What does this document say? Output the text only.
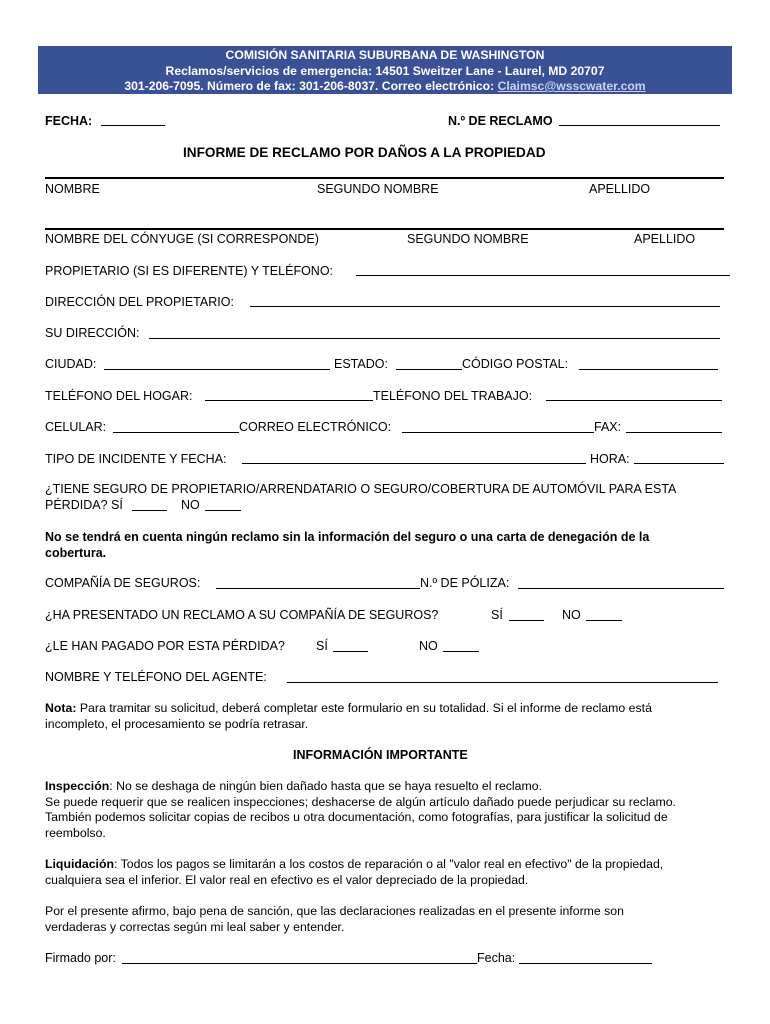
COMISIÓN SANITARIA SUBURBANA DE WASHINGTON
Reclamos/servicios de emergencia: 14501 Sweitzer Lane - Laurel, MD 20707
301-206-7095. Número de fax: 301-206-8037. Correo electrónico: Claimsc@wsscwater.com
FECHA:	N.º DE RECLAMO
INFORME DE RECLAMO POR DAÑOS A LA PROPIEDAD
NOMBRE	SEGUNDO NOMBRE	APELLIDO
NOMBRE DEL CÓNYUGE (SI CORRESPONDE)	SEGUNDO NOMBRE	APELLIDO
PROPIETARIO (SI ES DIFERENTE) Y TELÉFONO:
DIRECCIÓN DEL PROPIETARIO:
SU DIRECCIÓN:
CIUDAD:	ESTADO:	CÓDIGO POSTAL:
TELÉFONO DEL HOGAR:	TELÉFONO DEL TRABAJO:
CELULAR:	CORREO ELECTRÓNICO:	FAX:
TIPO DE INCIDENTE Y FECHA:	HORA:
¿TIENE SEGURO DE PROPIETARIO/ARRENDATARIO O SEGURO/COBERTURA DE AUTOMÓVIL PARA ESTA
PÉRDIDA? SÍ	NO
No se tendrá en cuenta ningún reclamo sin la información del seguro o una carta de denegación de la
cobertura.
COMPAÑÍA DE SEGUROS:	N.º DE PÓLIZA:
¿HA PRESENTADO UN RECLAMO A SU COMPAÑÍA DE SEGUROS?	SÍ	NO
¿LE HAN PAGADO POR ESTA PÉRDIDA? SÍ	NO
NOMBRE Y TELÉFONO DEL AGENTE:
Nota: Para tramitar su solicitud, deberá completar este formulario en su totalidad. Si el informe de reclamo está
incompleto, el procesamiento se podría retrasar.
INFORMACIÓN IMPORTANTE
Inspección: No se deshaga de ningún bien dañado hasta que se haya resuelto el reclamo.
Se puede requerir que se realicen inspecciones; deshacerse de algún artículo dañado puede perjudicar su reclamo.
También podemos solicitar copias de recibos u otra documentación, como fotografías, para justificar la solicitud de
reembolso.
Liquidación: Todos los pagos se limitarán a los costos de reparación o al "valor real en efectivo" de la propiedad,
cualquiera sea el inferior. El valor real en efectivo es el valor depreciado de la propiedad.
Por el presente afirmo, bajo pena de sanción, que las declaraciones realizadas en el presente informe son
verdaderas y correctas según mi leal saber y entender.
Firmado por:	Fecha:
